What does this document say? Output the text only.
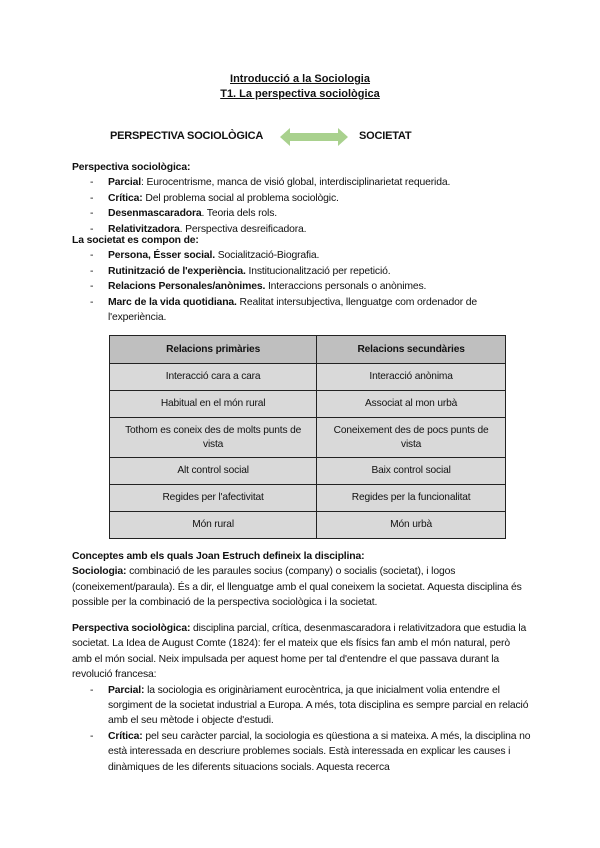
Introducció a la Sociologia
T1. La perspectiva sociològica
PERSPECTIVA SOCIOLÒGICA	SOCIETAT
Perspectiva sociològica:
- Parcial: Eurocentrisme, manca de visió global, interdisciplinarietat requerida.
- Crítica: Del problema social al problema sociològic.
- Desenmascaradora. Teoria dels rols.
- Relativitzadora. Perspectiva desreificadora.
La societat es compon de:
- Persona, Ésser social. Socialització-Biografia.
- Rutinització de l'experiència. Institucionalització per repetició.
- Relacions Personales/anònimes. Interaccions personals o anònimes.
- Marc de la vida quotidiana. Realitat intersubjectiva, llenguatge com ordenador de l'experiència.
Relacions primàries	Relacions secundàries
Interacció cara a cara	Interacció anònima
Habitual en el món rural	Associat al mon urbà
Tothom es coneix des de molts punts de vista	Coneixement des de pocs punts de vista
Alt control social	Baix control social
Regides per l'afectivitat	Regides per la funcionalitat
Món rural	Món urbà
Conceptes amb els quals Joan Estruch defineix la disciplina:
Sociologia: combinació de les paraules socius (company) o socialis (societat), i logos (coneixement/paraula). És a dir, el llenguatge amb el qual coneixem la societat. Aquesta disciplina és possible per la combinació de la perspectiva sociològica i la societat.
Perspectiva sociològica: disciplina parcial, crítica, desenmascaradora i relativitzadora que estudia la societat. La Idea de August Comte (1824): fer el mateix que els físics fan amb el món natural, però amb el món social. Neix impulsada per aquest home per tal d'entendre el que passava durant la revolució francesa:
- Parcial: la sociologia es originàriament eurocèntrica, ja que inicialment volia entendre el sorgiment de la societat industrial a Europa. A més, tota disciplina es sempre parcial en relació amb el seu mètode i objecte d'estudi.
- Crítica: pel seu caràcter parcial, la sociologia es qüestiona a si mateixa. A més, la disciplina no està interessada en descriure problemes socials. Està interessada en explicar les causes i dinàmiques de les diferents situacions socials. Aquesta recerca
